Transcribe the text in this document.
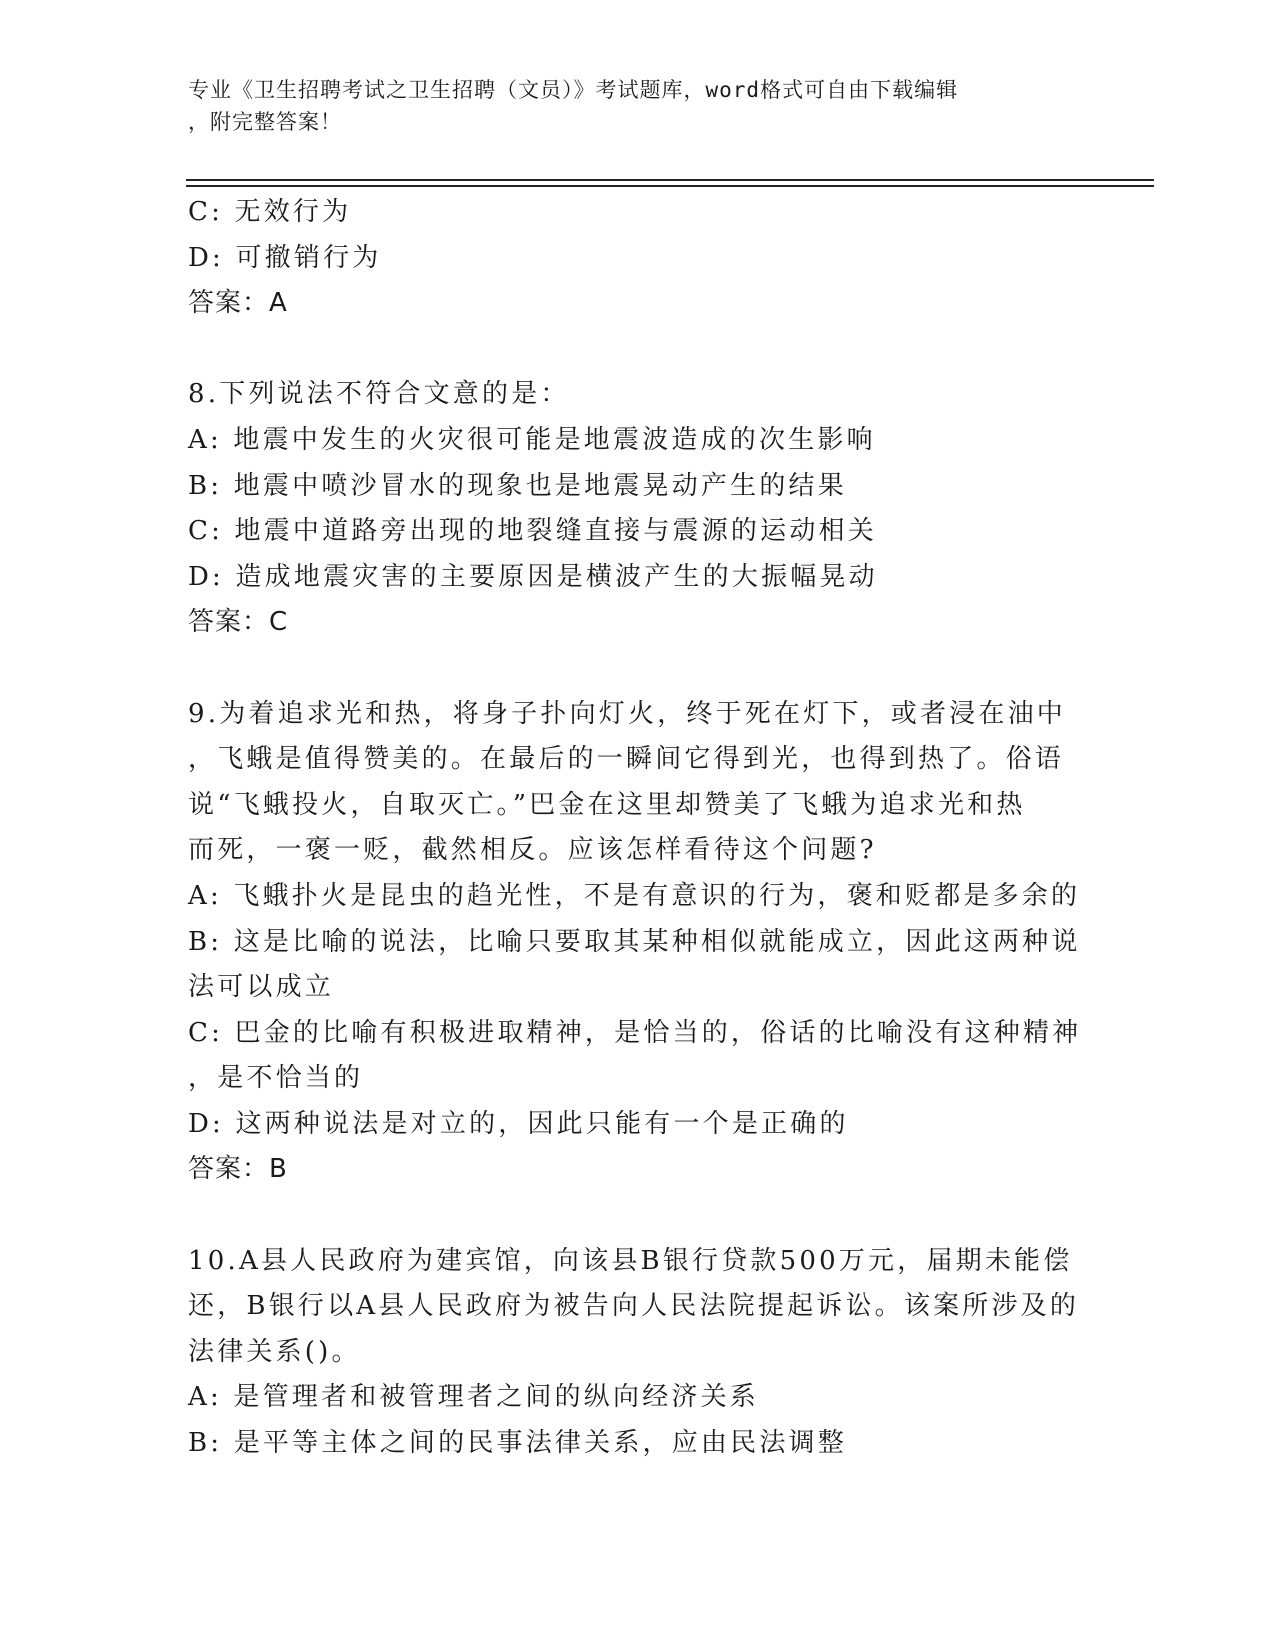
专业《卫生招聘考试之卫生招聘（文员）》考试题库，word格式可自由下载编辑
，附完整答案！
C: 无效行为
D: 可撤销行为
答案：A
8.下列说法不符合文意的是：
A: 地震中发生的火灾很可能是地震波造成的次生影响
B: 地震中喷沙冒水的现象也是地震晃动产生的结果
C: 地震中道路旁出现的地裂缝直接与震源的运动相关
D: 造成地震灾害的主要原因是横波产生的大振幅晃动
答案：C
9.为着追求光和热，将身子扑向灯火，终于死在灯下，或者浸在油中
，飞蛾是值得赞美的。在最后的一瞬间它得到光，也得到热了。俗语
说“飞蛾投火，自取灭亡。”巴金在这里却赞美了飞蛾为追求光和热
而死，一褒一贬，截然相反。应该怎样看待这个问题?
A: 飞蛾扑火是昆虫的趋光性，不是有意识的行为，褒和贬都是多余的
B: 这是比喻的说法，比喻只要取其某种相似就能成立，因此这两种说
法可以成立
C: 巴金的比喻有积极进取精神，是恰当的，俗话的比喻没有这种精神
，是不恰当的
D: 这两种说法是对立的，因此只能有一个是正确的
答案：B
10.A县人民政府为建宾馆，向该县B银行贷款500万元，届期未能偿
还，B银行以A县人民政府为被告向人民法院提起诉讼。该案所涉及的
法律关系()。
A: 是管理者和被管理者之间的纵向经济关系
B: 是平等主体之间的民事法律关系，应由民法调整
